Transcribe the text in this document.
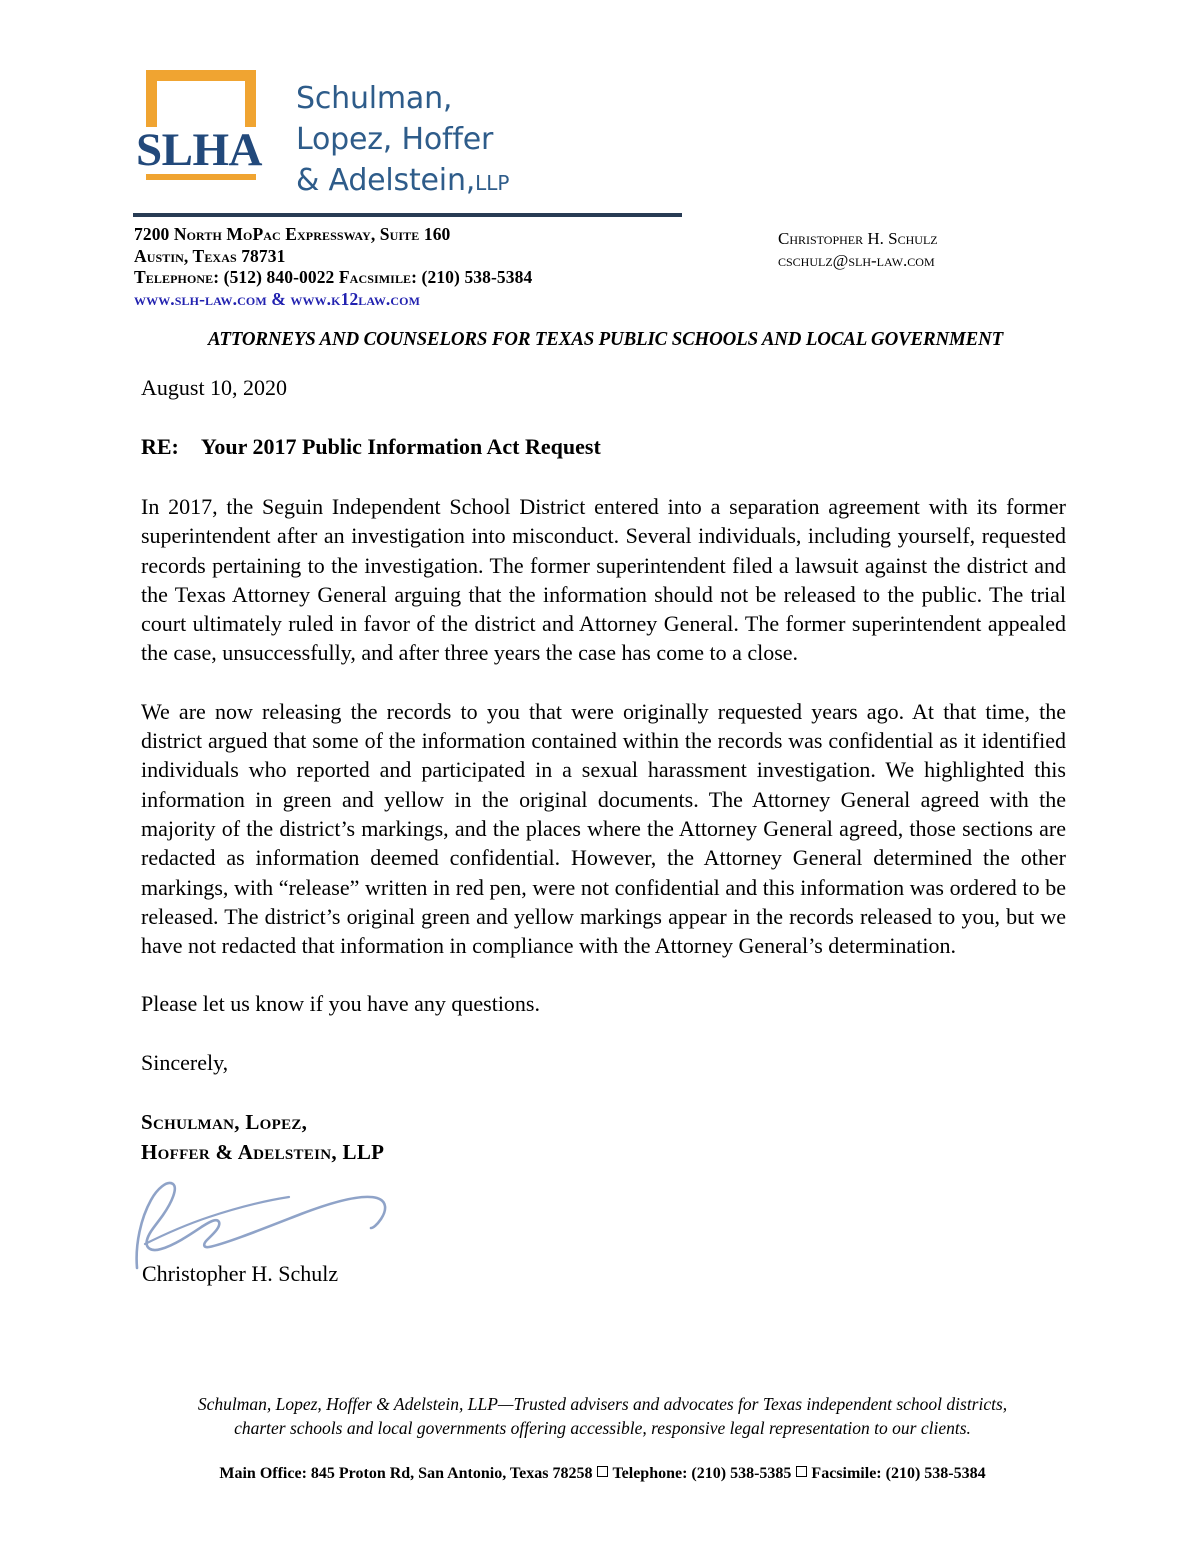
SLHA
Schulman,
Lopez, Hoffer
& Adelstein,LLP
7200 North MoPac Expressway, Suite 160
Austin, Texas 78731
Telephone: (512) 840-0022 Facsimile: (210) 538-5384
www.slh-law.com & www.k12law.com
Christopher H. Schulz
cschulz@slh-law.com
ATTORNEYS AND COUNSELORS FOR TEXAS PUBLIC SCHOOLS AND LOCAL GOVERNMENT

August 10, 2020

RE: Your 2017 Public Information Act Request

In 2017, the Seguin Independent School District entered into a separation agreement with its former superintendent after an investigation into misconduct. Several individuals, including yourself, requested records pertaining to the investigation. The former superintendent filed a lawsuit against the district and the Texas Attorney General arguing that the information should not be released to the public. The trial court ultimately ruled in favor of the district and Attorney General. The former superintendent appealed the case, unsuccessfully, and after three years the case has come to a close.

We are now releasing the records to you that were originally requested years ago. At that time, the district argued that some of the information contained within the records was confidential as it identified individuals who reported and participated in a sexual harassment investigation. We highlighted this information in green and yellow in the original documents. The Attorney General agreed with the majority of the district’s markings, and the places where the Attorney General agreed, those sections are redacted as information deemed confidential. However, the Attorney General determined the other markings, with “release” written in red pen, were not confidential and this information was ordered to be released. The district’s original green and yellow markings appear in the records released to you, but we have not redacted that information in compliance with the Attorney General’s determination.

Please let us know if you have any questions.

Sincerely,

Schulman, Lopez,

Hoffer & Adelstein, LLP

Christopher H. Schulz

Schulman, Lopez, Hoffer & Adelstein, LLP—Trusted advisers and advocates for Texas independent school districts,

charter schools and local governments offering accessible, responsive legal representation to our clients.

Main Office: 845 Proton Rd, San Antonio, Texas 78258 Telephone: (210) 538-5385 Facsimile: (210) 538-5384
